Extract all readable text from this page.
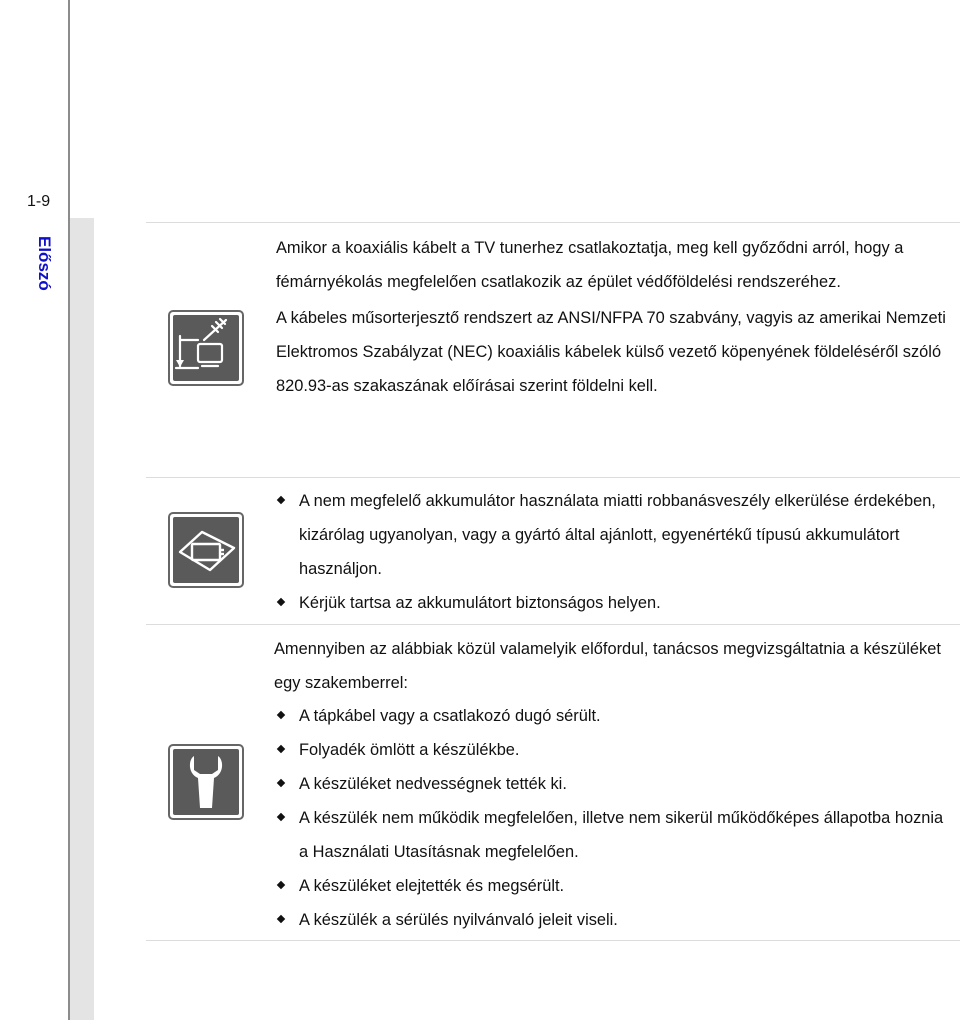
1-9
Előszó	Amikor a koaxiális kábelt a TV tunerhez csatlakoztatja, meg kell győződni arról, hogy a fémárnyékolás megfelelően csatlakozik az épület védőföldelési rendszeréhez.

A kábeles műsorterjesztő rendszert az ANSI/NFPA 70 szabvány, vagyis az amerikai Nemzeti Elektromos Szabályzat (NEC) koaxiális kábelek külső vezető köpenyének földeléséről szóló 820.93-as szakaszának előírásai szerint földelni kell.

A nem megfelelő akkumulátor használata miatti robbanásveszély elkerülése érdekében, kizárólag ugyanolyan, vagy a gyártó által ajánlott, egyenértékű típusú akkumulátort használjon.
Kérjük tartsa az akkumulátort biztonságos helyen.

Amennyiben az alábbiak közül valamelyik előfordul, tanácsos megvizsgáltatnia a készüléket egy szakemberrel:

A tápkábel vagy a csatlakozó dugó sérült.
Folyadék ömlött a készülékbe.
A készüléket nedvességnek tették ki.
A készülék nem működik megfelelően, illetve nem sikerül működőképes állapotba hoznia a Használati Utasításnak megfelelően.
A készüléket elejtették és megsérült.
A készülék a sérülés nyilvánvaló jeleit viseli.
